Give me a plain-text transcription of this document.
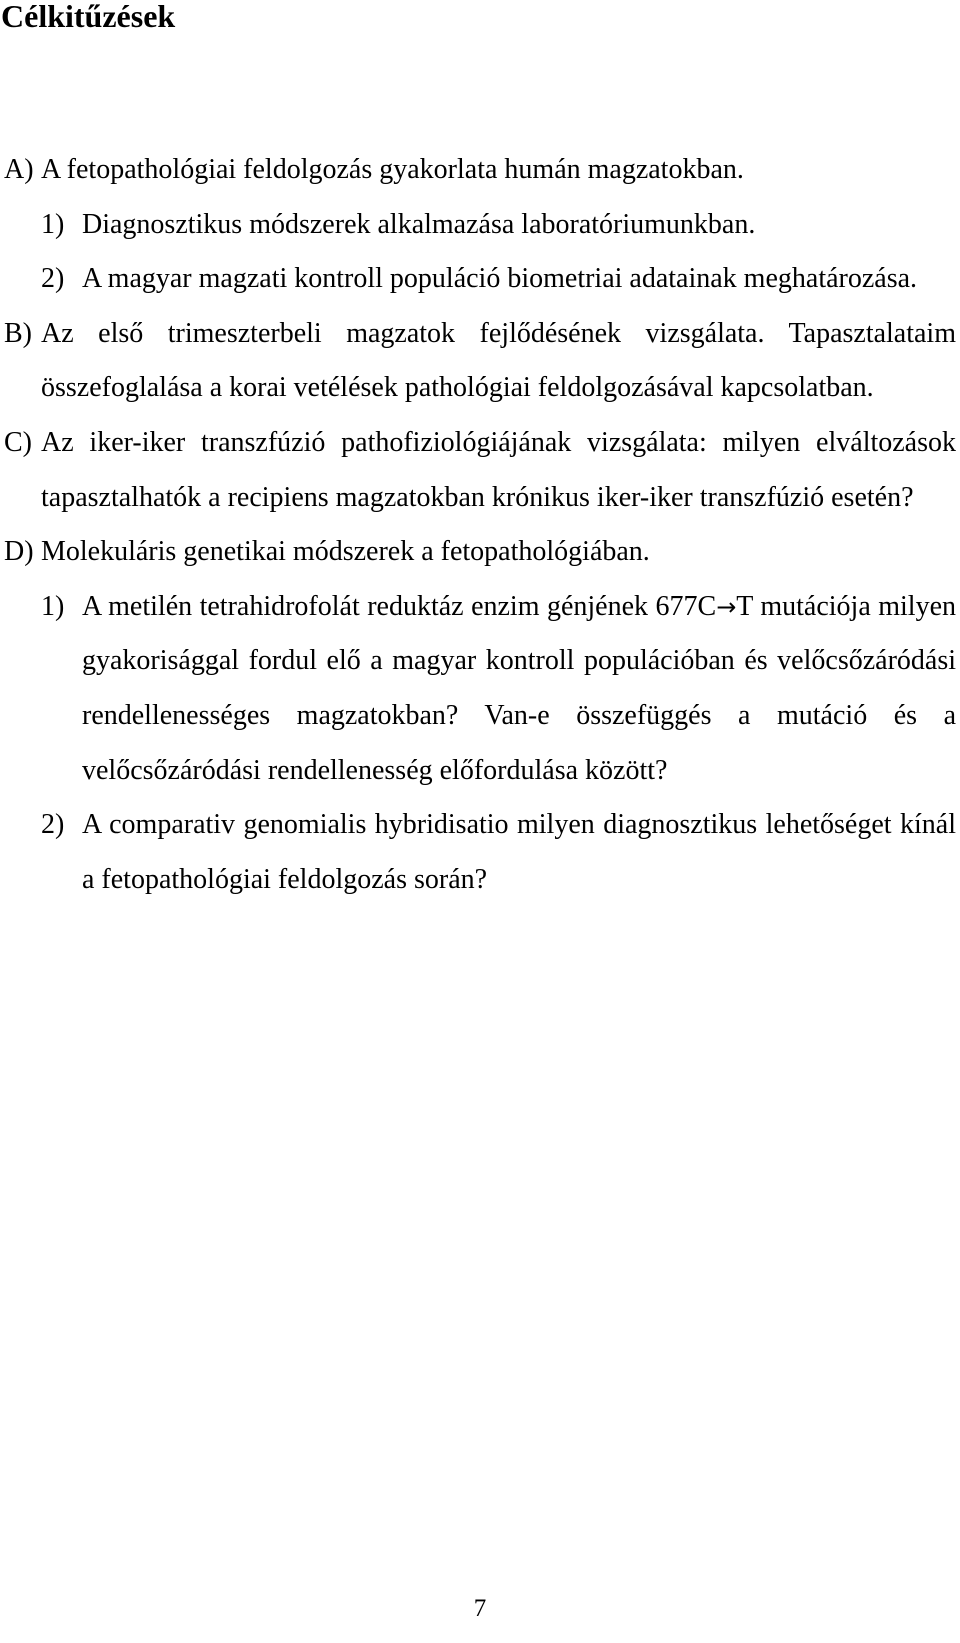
Célkitűzések
A) A fetopathológiai feldolgozás gyakorlata humán magzatokban.
1) Diagnosztikus módszerek alkalmazása laboratóriumunkban.
2) A magyar magzati kontroll populáció biometriai adatainak meghatározása.
B) Az első trimeszterbeli magzatok fejlődésének vizsgálata. Tapasztalataim összefoglalása a korai vetélések pathológiai feldolgozásával kapcsolatban.
C) Az iker-iker transzfúzió pathofiziológiájának vizsgálata: milyen elváltozások tapasztalhatók a recipiens magzatokban krónikus iker-iker transzfúzió esetén?
D) Molekuláris genetikai módszerek a fetopathológiában.
1) A metilén tetrahidrofolát reduktáz enzim génjének 677C→T mutációja milyen gyakorisággal fordul elő a magyar kontroll populációban és velőcsőzáródási rendellenességes magzatokban? Van-e összefüggés a mutáció és a velőcsőzáródási rendellenesség előfordulása között?
2) A comparativ genomialis hybridisatio milyen diagnosztikus lehetőséget kínál a fetopathológiai feldolgozás során?
7
